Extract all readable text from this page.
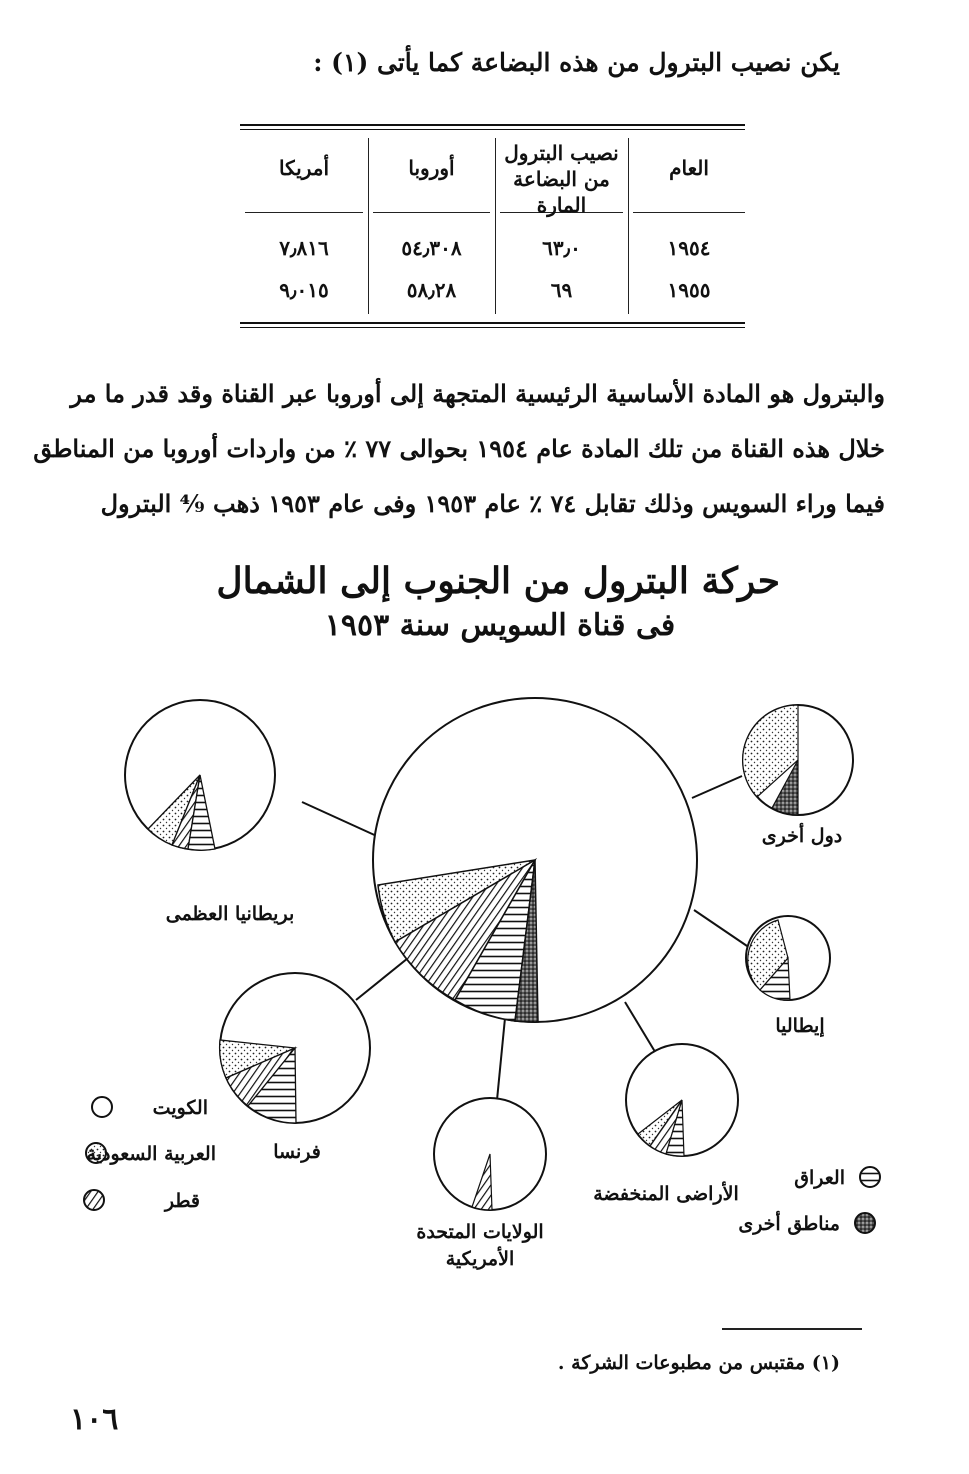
يكن نصيب البترول من هذه البضاعة كما يأتى (١) :
العام
نصيب البترول
من البضاعة المارة
أوروبا
أمريكا
١٩٥٤
٦٣٫٠
٥٤٫٣٠٨
٧٫٨١٦
١٩٥٥
٦٩
٥٨٫٢٨
٩٫٠١٥

والبترول هو المادة الأساسية الرئيسية المتجهة إلى أوروبا عبر القناة وقد قدر ما مر

خلال هذه القناة من تلك المادة عام ١٩٥٤ بحوالى ٧٧ ٪ من واردات أوروبا من المناطق

فيما وراء السويس وذلك تقابل ٧٤ ٪ عام ١٩٥٣ وفى عام ١٩٥٣ ذهب ⁴⁄₉ البترول

حركة البترول من الجنوب إلى الشمال
فى قناة السويس سنة ١٩٥٣
بريطانيا العظمى
دول أخرى
إيطاليا
الأراضى المنخفضة
الولايات المتحدة
الأمريكية
فرنسا
الكويت
العربية السعودية
قطر
العراق
مناطق أخرى
(١) مقتبس من مطبوعات الشركة .
١٠٦
